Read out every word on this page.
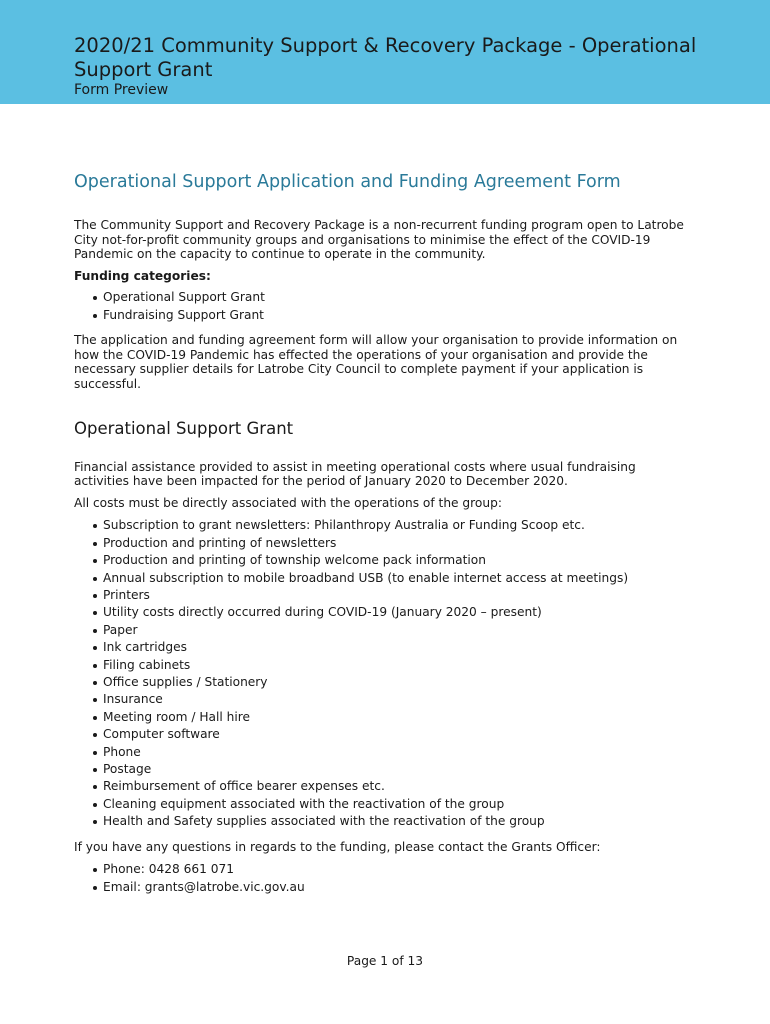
2020/21 Community Support & Recovery Package - Operational Support Grant
Form Preview
Operational Support Application and Funding Agreement Form

The Community Support and Recovery Package is a non-recurrent funding program open to Latrobe City not-for-profit community groups and organisations to minimise the effect of the COVID-19 Pandemic on the capacity to continue to operate in the community.

Funding categories:

Operational Support Grant
Fundraising Support Grant

The application and funding agreement form will allow your organisation to provide information on how the COVID-19 Pandemic has effected the operations of your organisation and provide the necessary supplier details for Latrobe City Council to complete payment if your application is successful.

Operational Support Grant

Financial assistance provided to assist in meeting operational costs where usual fundraising activities have been impacted for the period of January 2020 to December 2020.

All costs must be directly associated with the operations of the group:

Subscription to grant newsletters: Philanthropy Australia or Funding Scoop etc.
Production and printing of newsletters
Production and printing of township welcome pack information
Annual subscription to mobile broadband USB (to enable internet access at meetings)
Printers
Utility costs directly occurred during COVID-19 (January 2020 – present)
Paper
Ink cartridges
Filing cabinets
Office supplies / Stationery
Insurance
Meeting room / Hall hire
Computer software
Phone
Postage
Reimbursement of office bearer expenses etc.
Cleaning equipment associated with the reactivation of the group
Health and Safety supplies associated with the reactivation of the group

If you have any questions in regards to the funding, please contact the Grants Officer:

Phone: 0428 661 071
Email: grants@latrobe.vic.gov.au
Page 1 of 13
